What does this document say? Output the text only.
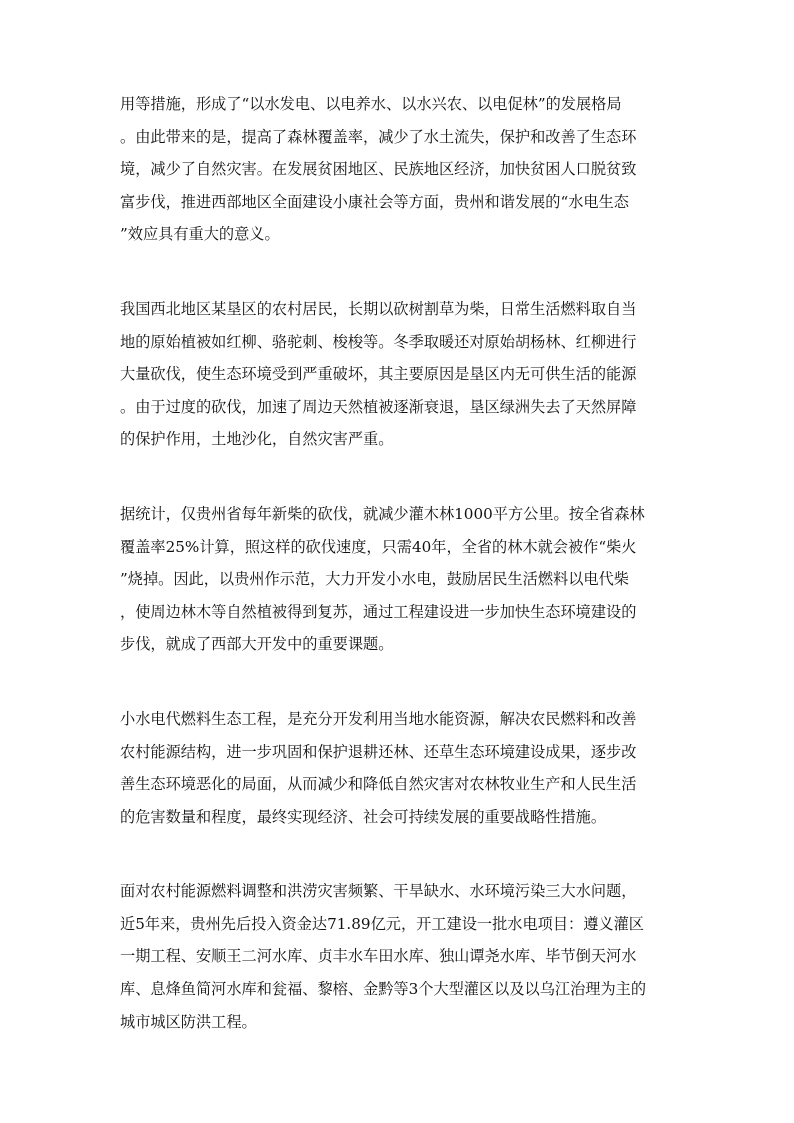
用等措施，形成了“以水发电、以电养水、以水兴农、以电促林”的发展格局
。由此带来的是，提高了森林覆盖率，减少了水土流失，保护和改善了生态环
境，减少了自然灾害。在发展贫困地区、民族地区经济，加快贫困人口脱贫致
富步伐，推进西部地区全面建设小康社会等方面，贵州和谐发展的“水电生态
”效应具有重大的意义。

我国西北地区某垦区的农村居民，长期以砍树割草为柴，日常生活燃料取自当
地的原始植被如红柳、骆驼刺、梭梭等。冬季取暖还对原始胡杨林、红柳进行
大量砍伐，使生态环境受到严重破坏，其主要原因是垦区内无可供生活的能源
。由于过度的砍伐，加速了周边天然植被逐渐衰退，垦区绿洲失去了天然屏障
的保护作用，土地沙化，自然灾害严重。

据统计，仅贵州省每年新柴的砍伐，就减少灌木林1000平方公里。按全省森林
覆盖率25%计算，照这样的砍伐速度，只需40年，全省的林木就会被作“柴火
”烧掉。因此，以贵州作示范，大力开发小水电，鼓励居民生活燃料以电代柴
，使周边林木等自然植被得到复苏，通过工程建设进一步加快生态环境建设的
步伐，就成了西部大开发中的重要课题。

小水电代燃料生态工程，是充分开发利用当地水能资源，解决农民燃料和改善
农村能源结构，进一步巩固和保护退耕还林、还草生态环境建设成果，逐步改
善生态环境恶化的局面，从而减少和降低自然灾害对农林牧业生产和人民生活
的危害数量和程度，最终实现经济、社会可持续发展的重要战略性措施。

面对农村能源燃料调整和洪涝灾害频繁、干旱缺水、水环境污染三大水问题，
近5年来，贵州先后投入资金达71.89亿元，开工建设一批水电项目：遵义灌区
一期工程、安顺王二河水库、贞丰水车田水库、独山谭尧水库、毕节倒天河水
库、息烽鱼简河水库和瓮福、黎榕、金黔等3个大型灌区以及以乌江治理为主的
城市城区防洪工程。
